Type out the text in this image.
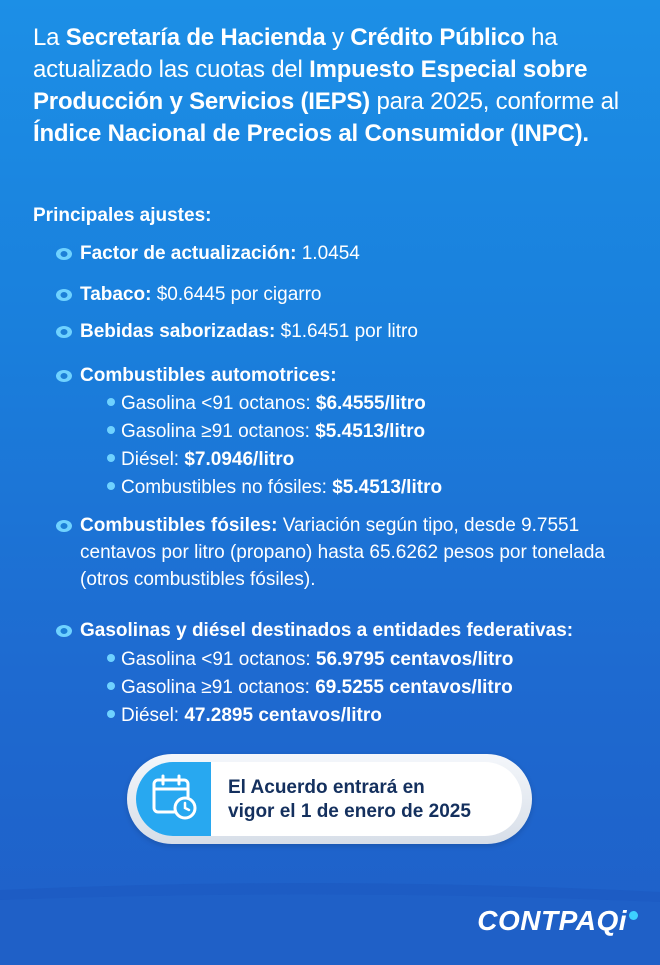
La Secretaría de Hacienda y Crédito Público ha actualizado las cuotas del Impuesto Especial sobre Producción y Servicios (IEPS) para 2025, conforme al Índice Nacional de Precios al Consumidor (INPC).
Principales ajustes:
Factor de actualización: 1.0454
Tabaco: $0.6445 por cigarro
Bebidas saborizadas: $1.6451 por litro
Combustibles automotrices:
Gasolina <91 octanos: $6.4555/litro
Gasolina ≥91 octanos: $5.4513/litro
Diésel: $7.0946/litro
Combustibles no fósiles: $5.4513/litro
Combustibles fósiles: Variación según tipo, desde 9.7551 centavos por litro (propano) hasta 65.6262 pesos por tonelada (otros combustibles fósiles).
Gasolinas y diésel destinados a entidades federativas:
Gasolina <91 octanos: 56.9795 centavos/litro
Gasolina ≥91 octanos: 69.5255 centavos/litro
Diésel: 47.2895 centavos/litro
El Acuerdo entrará en
vigor el 1 de enero de 2025
CONTPAQi
